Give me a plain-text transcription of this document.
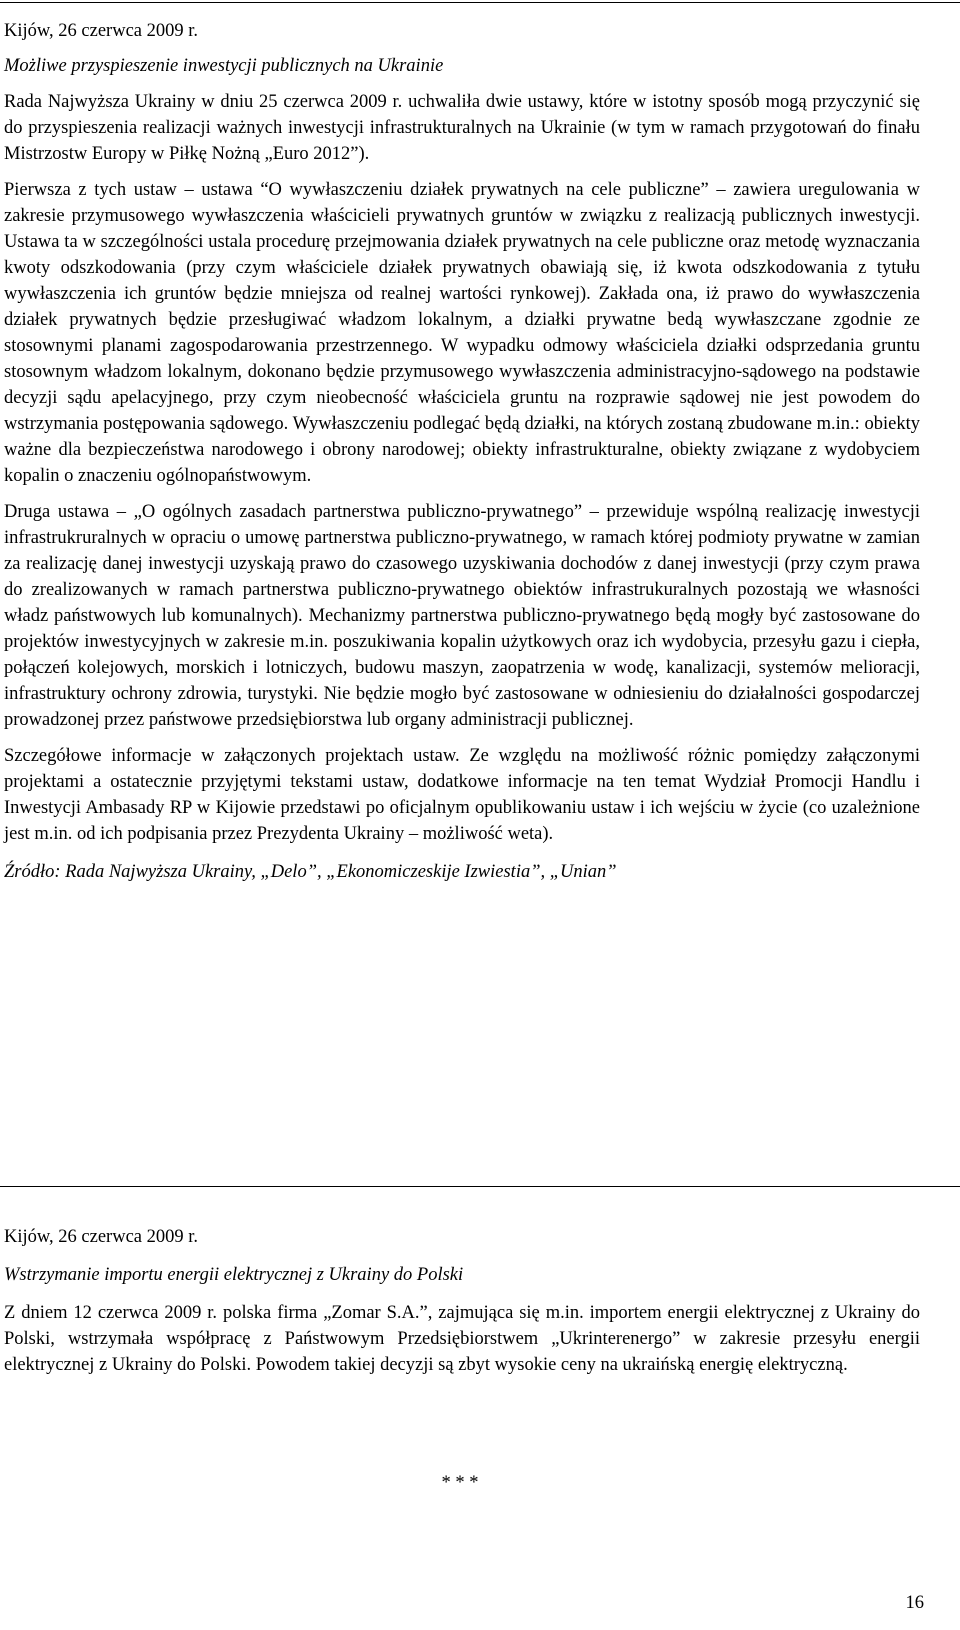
Kijów, 26 czerwca 2009 r.

Możliwe przyspieszenie inwestycji publicznych na Ukrainie

Rada Najwyższa Ukrainy w dniu 25 czerwca 2009 r. uchwaliła dwie ustawy, które w istotny sposób mogą przyczynić się do przyspieszenia realizacji ważnych inwestycji infrastrukturalnych na Ukrainie (w tym w ramach przygotowań do finału Mistrzostw Europy w Piłkę Nożną „Euro 2012”).

Pierwsza z tych ustaw – ustawa “O wywłaszczeniu działek prywatnych na cele publiczne” – zawiera uregulowania w zakresie przymusowego wywłaszczenia właścicieli prywatnych gruntów w związku z realizacją publicznych inwestycji. Ustawa ta w szczególności ustala procedurę przejmowania działek prywatnych na cele publiczne oraz metodę wyznaczania kwoty odszkodowania (przy czym właściciele działek prywatnych obawiają się, iż kwota odszkodowania z tytułu wywłaszczenia ich gruntów będzie mniejsza od realnej wartości rynkowej). Zakłada ona, iż prawo do wywłaszczenia działek prywatnych będzie przesługiwać władzom lokalnym, a działki prywatne bedą wywłaszczane zgodnie ze stosownymi planami zagospodarowania przestrzennego. W wypadku odmowy właściciela działki odsprzedania gruntu stosownym władzom lokalnym, dokonano będzie przymusowego wywłaszczenia administracyjno-sądowego na podstawie decyzji sądu apelacyjnego, przy czym nieobecność właściciela gruntu na rozprawie sądowej nie jest powodem do wstrzymania postępowania sądowego. Wywłaszczeniu podlegać będą działki, na których zostaną zbudowane m.in.: obiekty ważne dla bezpieczeństwa narodowego i obrony narodowej; obiekty infrastrukturalne, obiekty związane z wydobyciem kopalin o znaczeniu ogólnopaństwowym.

Druga ustawa – „O ogólnych zasadach partnerstwa publiczno-prywatnego” – przewiduje wspólną realizację inwestycji infrastrukruralnych w opraciu o umowę partnerstwa publiczno-prywatnego, w ramach której podmioty prywatne w zamian za realizację danej inwestycji uzyskają prawo do czasowego uzyskiwania dochodów z danej inwestycji (przy czym prawa do zrealizowanych w ramach partnerstwa publiczno-prywatnego obiektów infrastrukuralnych pozostają we własności władz państwowych lub komunalnych). Mechanizmy partnerstwa publiczno-prywatnego będą mogły być zastosowane do projektów inwestycyjnych w zakresie m.in. poszukiwania kopalin użytkowych oraz ich wydobycia, przesyłu gazu i ciepła, połączeń kolejowych, morskich i lotniczych, budowu maszyn, zaopatrzenia w wodę, kanalizacji, systemów melioracji, infrastruktury ochrony zdrowia, turystyki. Nie będzie mogło być zastosowane w odniesieniu do działalności gospodarczej prowadzonej przez państwowe przedsiębiorstwa lub organy administracji publicznej.

Szczegółowe informacje w załączonych projektach ustaw. Ze względu na możliwość różnic pomiędzy załączonymi projektami a ostatecznie przyjętymi tekstami ustaw, dodatkowe informacje na ten temat Wydział Promocji Handlu i Inwestycji Ambasady RP w Kijowie przedstawi po oficjalnym opublikowaniu ustaw i ich wejściu w życie (co uzależnione jest m.in. od ich podpisania przez Prezydenta Ukrainy – możliwość weta).

Źródło: Rada Najwyższa Ukrainy, „Delo”, „Ekonomiczeskije Izwiestia”, „Unian”

Kijów, 26 czerwca 2009 r.

Wstrzymanie importu energii elektrycznej z Ukrainy do Polski

Z dniem 12 czerwca 2009 r. polska firma „Zomar S.A.”, zajmująca się m.in. importem energii elektrycznej z Ukrainy do Polski, wstrzymała współpracę z Państwowym Przedsiębiorstwem „Ukrinterenergo” w zakresie przesyłu energii elektrycznej z Ukrainy do Polski. Powodem takiej decyzji są zbyt wysokie ceny na ukraińską energię elektryczną.

* * *
16
